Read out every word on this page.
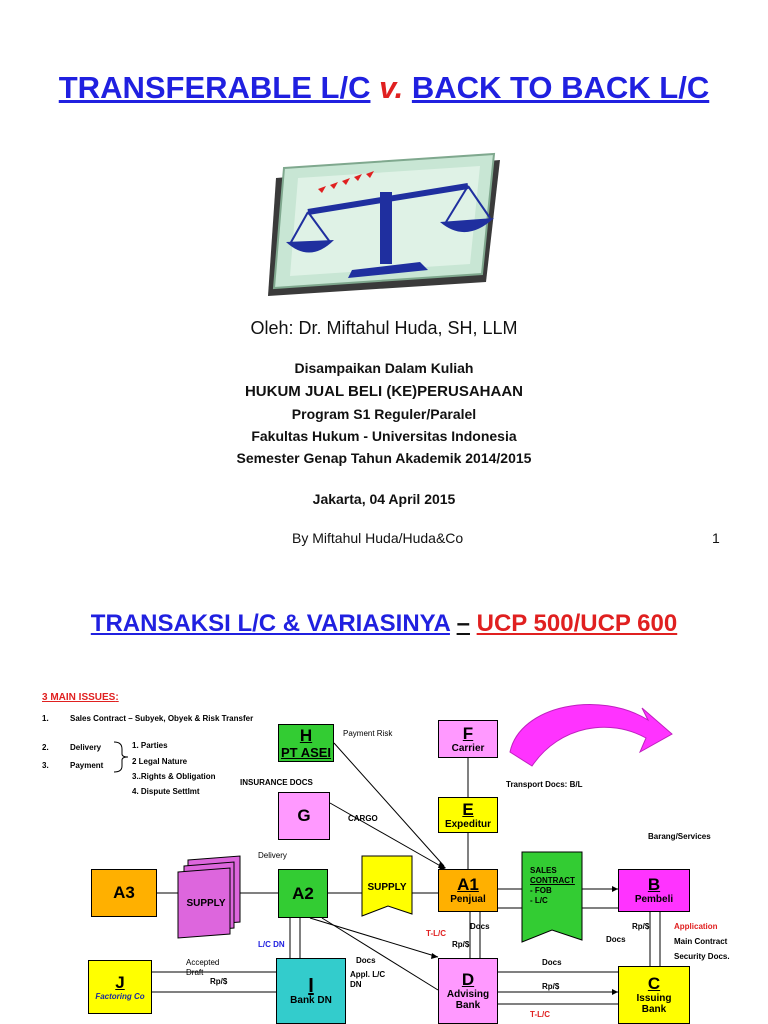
TRANSFERABLE L/C v. BACK TO BACK L/C
Oleh: Dr. Miftahul Huda, SH, LLM
Disampaikan Dalam Kuliah
HUKUM JUAL BELI (KE)PERUSAHAAN
Program S1 Reguler/Paralel
Fakultas Hukum - Universitas Indonesia
Semester Genap Tahun Akademik 2014/2015
Jakarta, 04 April 2015
By Miftahul Huda/Huda&Co	1
TRANSAKSI L/C & VARIASINYA – UCP 500/UCP 600
3 MAIN ISSUES:
1.	Sales Contract – Subyek, Obyek & Risk Transfer
2.	Delivery
3.	Payment
1. Parties
2 Legal Nature
3..Rights & Obligation
4. Dispute Settlmt
H
PT ASEI
F
Carrier
E
Expeditur
G
A3
SUPPLY
A2	SUPPLY	A1
Penjual
SALES
CONTRACT
- FOB
- L/C
B
Pembeli
J
Factoring Co	I
Bank DN
D
Advising
Bank
C
Issuing
Bank
Payment Risk
INSURANCE DOCS	Transport Docs: B/L
CARGO
Barang/Services
Delivery
T-L/C
Docs
Rp/$
L/C DN
Accepted
Draft
Rp/$
Docs
Appl. L/C
DN
Docs
Rp/$
T-L/C
Rp/$
Docs
Application
Main Contract
Security Docs.
